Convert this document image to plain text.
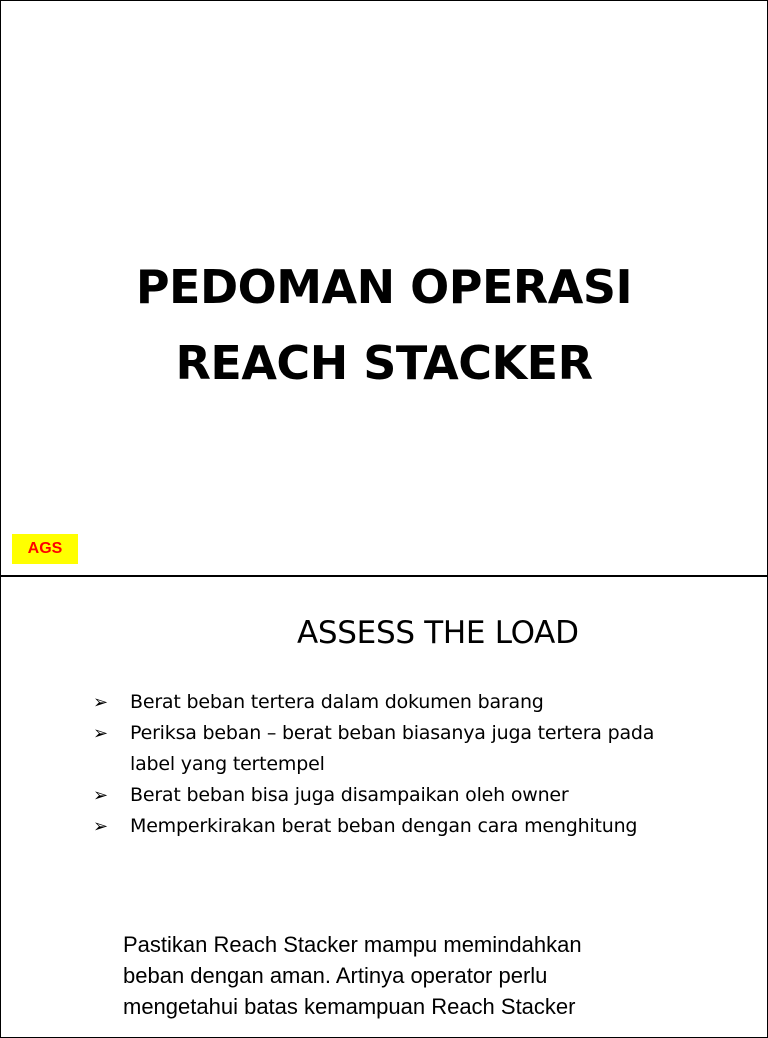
PEDOMAN OPERASI
REACH STACKER
AGS
ASSESS THE LOAD
➢ Berat beban tertera dalam dokumen barang
➢ Periksa beban – berat beban biasanya juga tertera pada
label yang tertempel
➢ Berat beban bisa juga disampaikan oleh owner
➢ Memperkirakan berat beban dengan cara menghitung
Pastikan Reach Stacker mampu memindahkan
beban dengan aman. Artinya operator perlu
mengetahui batas kemampuan Reach Stacker
